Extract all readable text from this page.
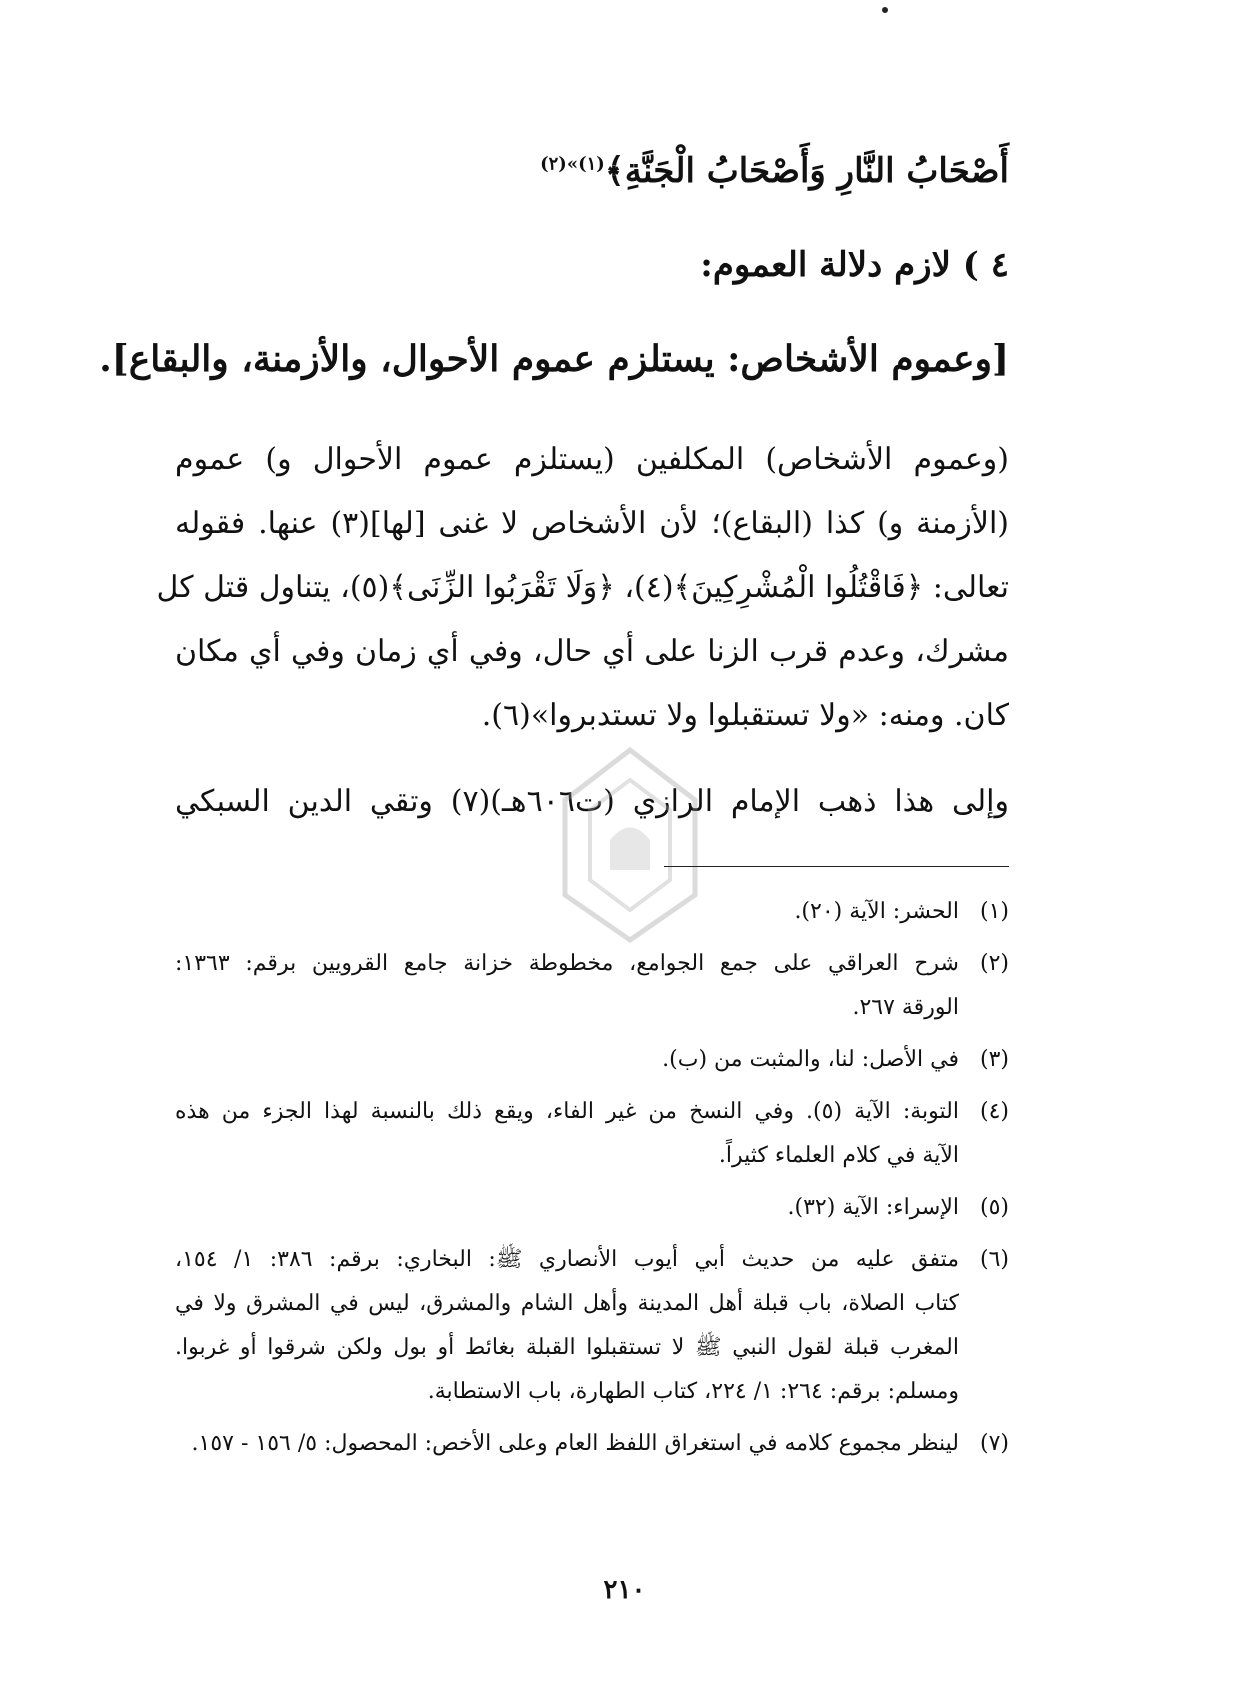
أَصْحَابُ النَّارِ وَأَصْحَابُ الْجَنَّةِ﴾$^{(١)»(٢)}$
٤ ) لازم دلالة العموم:
[وعموم الأشخاص: يستلزم عموم الأحوال، والأزمنة، والبقاع].
(وعموم الأشخاص) المكلفين (يستلزم عموم الأحوال و) عموم
(الأزمنة و) كذا (البقاع)؛ لأن الأشخاص لا غنى [لها](٣) عنها. فقوله
تعالى: ﴿فَاقْتُلُوا الْمُشْرِكِينَ﴾(٤)، ﴿وَلَا تَقْرَبُوا الزِّنَى﴾(٥)، يتناول قتل كل
مشرك، وعدم قرب الزنا على أي حال، وفي أي زمان وفي أي مكان
كان. ومنه: «ولا تستقبلوا ولا تستدبروا»(٦).
وإلى هذا ذهب الإمام الرازي (ت٦٠٦هـ)(٧) وتقي الدين السبكي
(١)
الحشر: الآية (٢٠).
(٢)
شرح العراقي على جمع الجوامع، مخطوطة خزانة جامع القرويين برقم: ١٣٦٣:
الورقة ٢٦٧.
(٣)
في الأصل: لنا، والمثبت من (ب).
(٤)
التوبة: الآية (٥). وفي النسخ من غير الفاء، ويقع ذلك بالنسبة لهذا الجزء من هذه
الآية في كلام العلماء كثيراً.
(٥)
الإسراء: الآية (٣٢).
(٦)
متفق عليه من حديث أبي أيوب الأنصاري ﷺ: البخاري: برقم: ٣٨٦: ١/ ١٥٤،
كتاب الصلاة، باب قبلة أهل المدينة وأهل الشام والمشرق، ليس في المشرق ولا في
المغرب قبلة لقول النبي ﷺ لا تستقبلوا القبلة بغائط أو بول ولكن شرقوا أو غربوا.
ومسلم: برقم: ٢٦٤: ١/ ٢٢٤، كتاب الطهارة، باب الاستطابة.
(٧)
لينظر مجموع كلامه في استغراق اللفظ العام وعلى الأخص: المحصول: ٥/ ١٥٦ - ١٥٧.
٢١٠
